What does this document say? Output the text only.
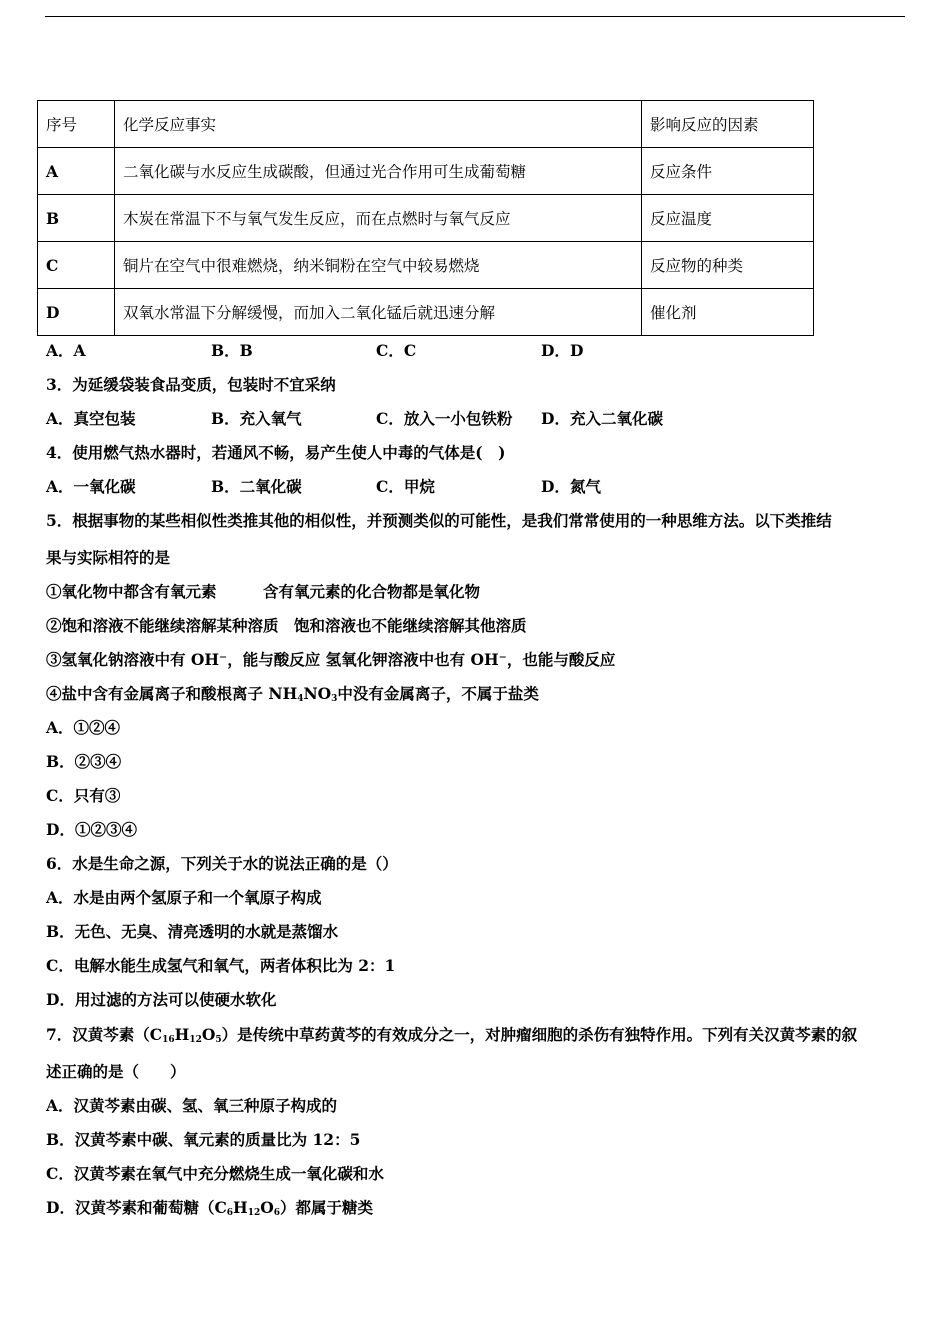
序号	化学反应事实	影响反应的因素
A	二氧化碳与水反应生成碳酸，但通过光合作用可生成葡萄糖	反应条件
B	木炭在常温下不与氧气发生反应，而在点燃时与氧气反应	反应温度
C	铜片在空气中很难燃烧，纳米铜粉在空气中较易燃烧	反应物的种类
D	双氧水常温下分解缓慢，而加入二氧化锰后就迅速分解	催化剂
A．A	B．B	C．C	D．D
3．为延缓袋装食品变质，包装时不宜采纳
A．真空包装	B．充入氧气	C．放入一小包铁粉 D．充入二氧化碳
4．使用燃气热水器时，若通风不畅，易产生使人中毒的气体是(　)
A．一氧化碳	B．二氧化碳	C．甲烷	D．氮气
5．根据事物的某些相似性类推其他的相似性，并预测类似的可能性，是我们常常使用的一种思维方法。以下类推结
果与实际相符的是
①氧化物中都含有氧元素　　　含有氧元素的化合物都是氧化物
②饱和溶液不能继续溶解某种溶质　饱和溶液也不能继续溶解其他溶质
③氢氧化钠溶液中有 OH⁻，能与酸反应 氢氧化钾溶液中也有 OH⁻，也能与酸反应
④盐中含有金属离子和酸根离子 $NH_4NO_3$中没有金属离子，不属于盐类
A．①②④
B．②③④
C．只有③
D．①②③④
6．水是生命之源，下列关于水的说法正确的是（）
A．水是由两个氢原子和一个氧原子构成
B．无色、无臭、清亮透明的水就是蒸馏水
C．电解水能生成氢气和氧气，两者体积比为 2：1
D．用过滤的方法可以使硬水软化
7．汉黄芩素$(C_{16}H_{12}O_5)$是传统中草药黄芩的有效成分之一，对肿瘤细胞的杀伤有独特作用。下列有关汉黄芩素的叙
述正确的是（　　）
A．汉黄芩素由碳、氢、氧三种原子构成的
B．汉黄芩素中碳、氧元素的质量比为 12：5
C．汉黄芩素在氧气中充分燃烧生成一氧化碳和水
D．汉黄芩素和葡萄糖$(C_6H_{12}O_6)$都属于糖类
